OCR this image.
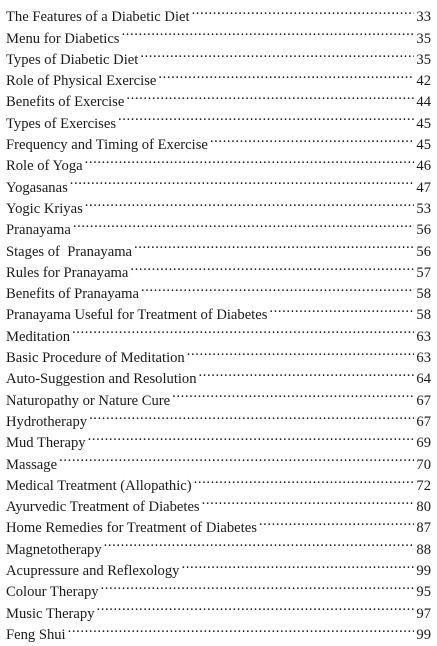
The Features of a Diabetic Diet .....	33
Menu for Diabetics .....	35
Types of Diabetic Diet .....	35
Role of Physical Exercise .....	42
Benefits of Exercise .....	44
Types of Exercises .....	45
Frequency and Timing of Exercise .....	45
Role of Yoga .....	46
Yogasanas .....	47
Yogic Kriyas .....	53
Pranayama .....	56
Stages of  Pranayama .....	56
Rules for Pranayama .....	57
Benefits of Pranayama .....	58
Pranayama Useful for Treatment of Diabetes .....	58
Meditation .....	63
Basic Procedure of Meditation .....	63
Auto-Suggestion and Resolution .....	64
Naturopathy or Nature Cure .....	67
Hydrotherapy .....	67
Mud Therapy .....	69
Massage .....	70
Medical Treatment (Allopathic) .....	72
Ayurvedic Treatment of Diabetes .....	80
Home Remedies for Treatment of Diabetes .....	87
Magnetotherapy .....	88
Acupressure and Reflexology .....	99
Colour Therapy .....	95
Music Therapy .....	97
Feng Shui .....	99
